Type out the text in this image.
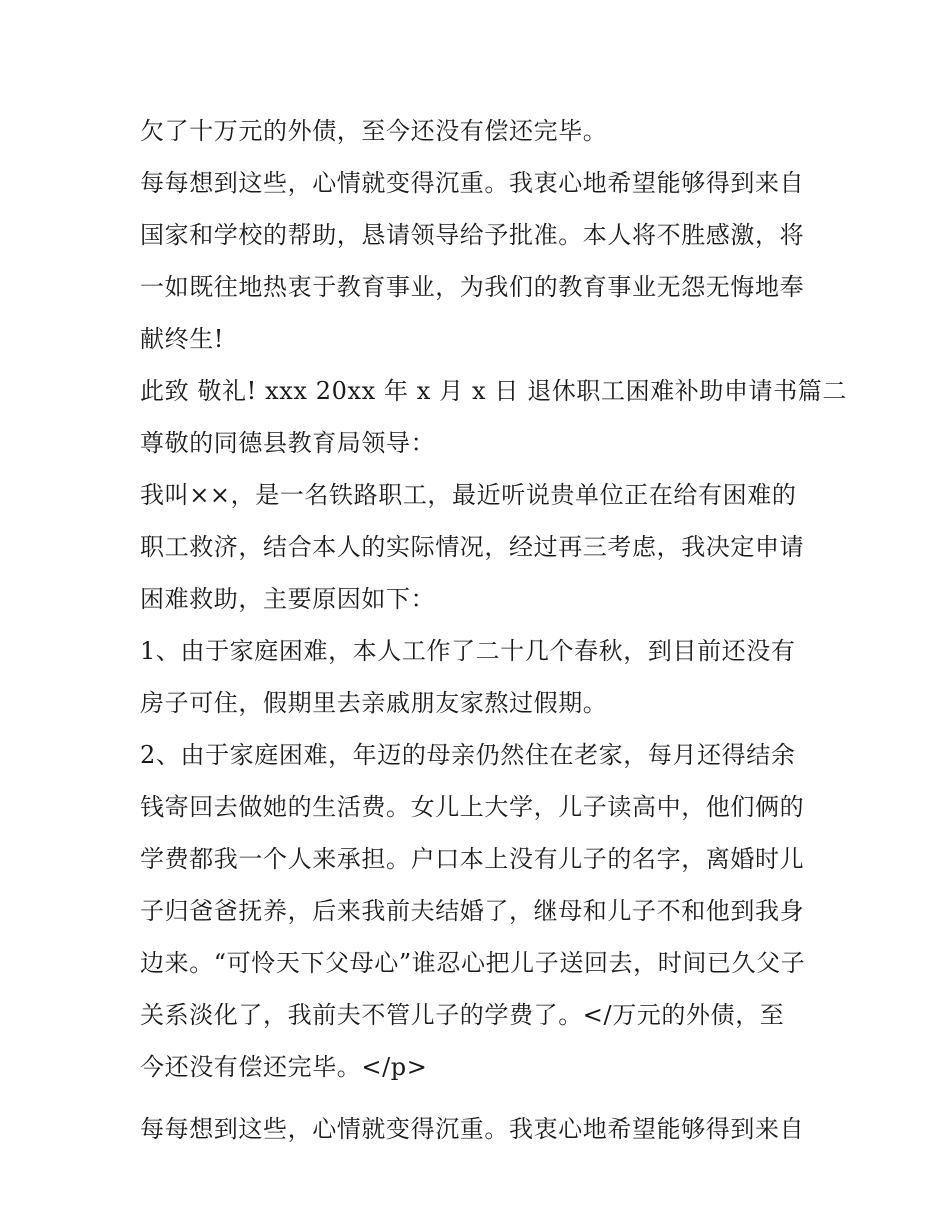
欠了十万元的外债，至今还没有偿还完毕。
每每想到这些，心情就变得沉重。我衷心地希望能够得到来自
国家和学校的帮助，恳请领导给予批准。本人将不胜感激，将
一如既往地热衷于教育事业，为我们的教育事业无怨无悔地奉
献终生!
此致 敬礼! xxx 20xx 年 x 月 x 日 退休职工困难补助申请书篇二
尊敬的同德县教育局领导：
我叫××，是一名铁路职工，最近听说贵单位正在给有困难的
职工救济，结合本人的实际情况，经过再三考虑，我决定申请
困难救助，主要原因如下：
1、由于家庭困难，本人工作了二十几个春秋，到目前还没有
房子可住，假期里去亲戚朋友家熬过假期。
2、由于家庭困难，年迈的母亲仍然住在老家，每月还得结余
钱寄回去做她的生活费。女儿上大学，儿子读高中，他们俩的
学费都我一个人来承担。户口本上没有儿子的名字，离婚时儿
子归爸爸抚养，后来我前夫结婚了，继母和儿子不和他到我身
边来。“可怜天下父母心”谁忍心把儿子送回去，时间已久父子
关系淡化了，我前夫不管儿子的学费了。</万元的外债，至
今还没有偿还完毕。</p>
每每想到这些，心情就变得沉重。我衷心地希望能够得到来自
